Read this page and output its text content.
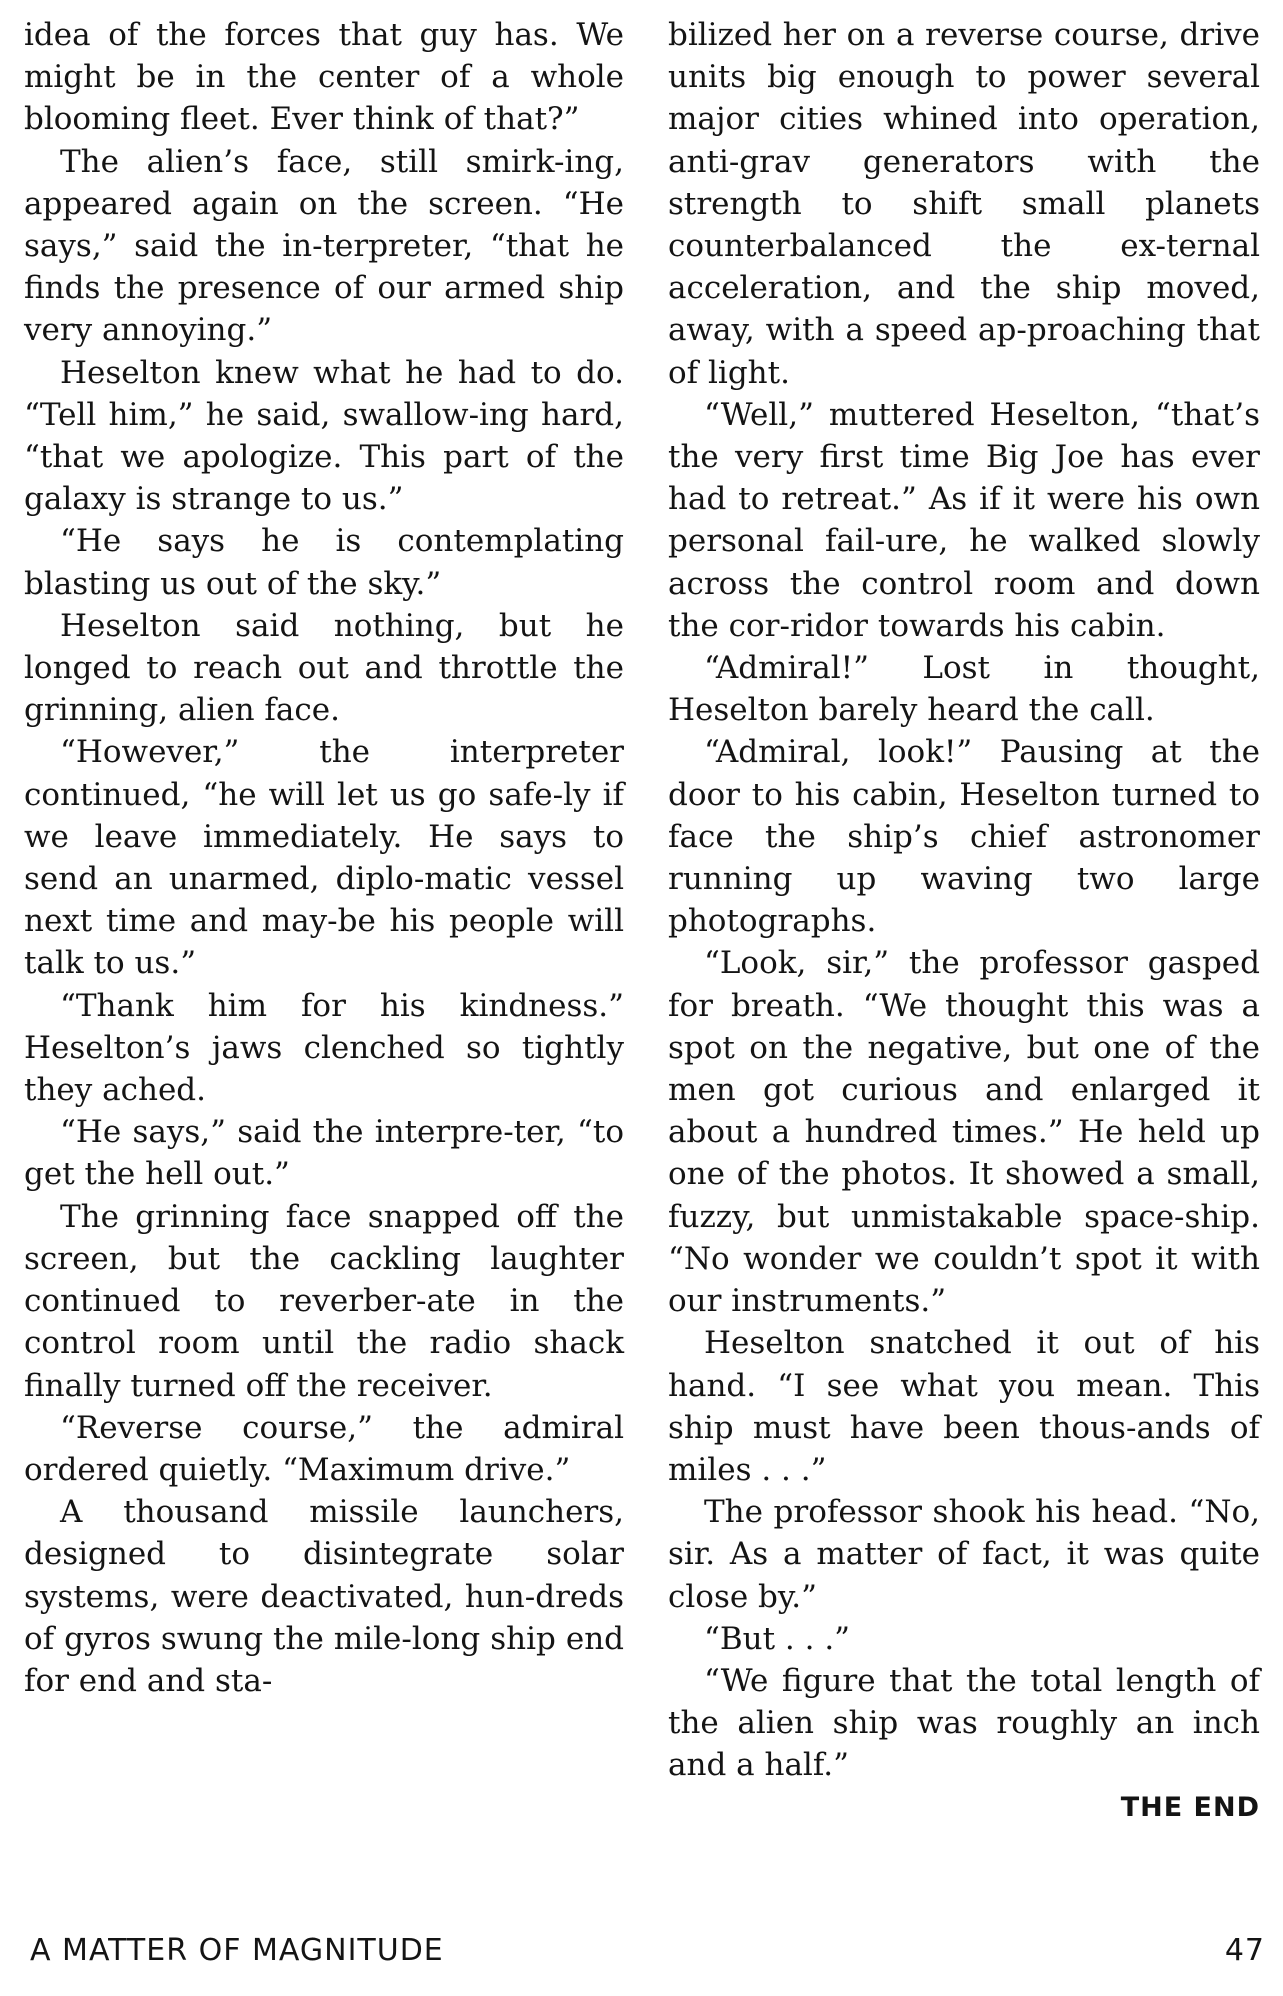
idea of the forces that guy has. We might be in the center of a whole blooming fleet. Ever think of that?”

The alien’s face, still smirk-ing, appeared again on the screen. “He says,” said the in-terpreter, “that he finds the presence of our armed ship very annoying.”

Heselton knew what he had to do. “Tell him,” he said, swallow-ing hard, “that we apologize. This part of the galaxy is strange to us.”

“He says he is contemplating blasting us out of the sky.”

Heselton said nothing, but he longed to reach out and throttle the grinning, alien face.

“However,” the interpreter continued, “he will let us go safe-ly if we leave immediately. He says to send an unarmed, diplo-matic vessel next time and may-be his people will talk to us.”

“Thank him for his kindness.” Heselton’s jaws clenched so tightly they ached.

“He says,” said the interpre-ter, “to get the hell out.”

The grinning face snapped off the screen, but the cackling laughter continued to reverber-ate in the control room until the radio shack finally turned off the receiver.

“Reverse course,” the admiral ordered quietly. “Maximum drive.”

A thousand missile launchers, designed to disintegrate solar systems, were deactivated, hun-dreds of gyros swung the mile-long ship end for end and sta-

bilized her on a reverse course, drive units big enough to power several major cities whined into operation, anti-grav generators with the strength to shift small planets counterbalanced the ex-ternal acceleration, and the ship moved, away, with a speed ap-proaching that of light.

“Well,” muttered Heselton, “that’s the very first time Big Joe has ever had to retreat.” As if it were his own personal fail-ure, he walked slowly across the control room and down the cor-ridor towards his cabin.

“Admiral!” Lost in thought, Heselton barely heard the call.

“Admiral, look!” Pausing at the door to his cabin, Heselton turned to face the ship’s chief astronomer running up waving two large photographs.

“Look, sir,” the professor gasped for breath. “We thought this was a spot on the negative, but one of the men got curious and enlarged it about a hundred times.” He held up one of the photos. It showed a small, fuzzy, but unmistakable space-ship. “No wonder we couldn’t spot it with our instruments.”

Heselton snatched it out of his hand. “I see what you mean. This ship must have been thous-ands of miles . . .”

The professor shook his head. “No, sir. As a matter of fact, it was quite close by.”

“But . . .”

“We figure that the total length of the alien ship was roughly an inch and a half.”

THE END

A MATTER OF MAGNITUDE	47
